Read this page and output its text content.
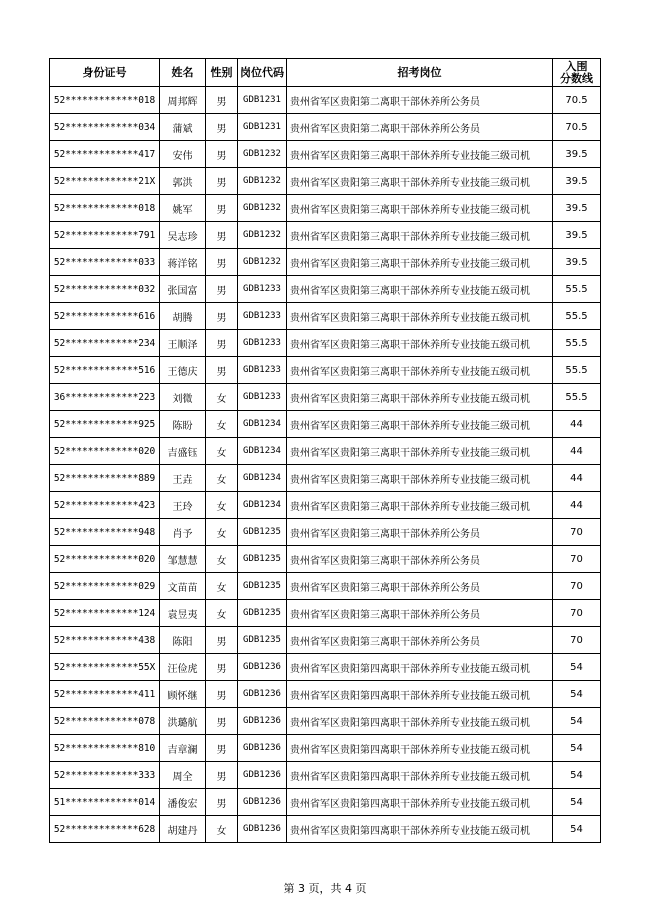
身份证号	姓名	性别	岗位代码	招考岗位	入围
分数线

52*************018	周邦辉	男	GDB1231	贵州省军区贵阳第二离职干部休养所公务员	70.5
52*************034	蒲斌	男	GDB1231	贵州省军区贵阳第二离职干部休养所公务员	70.5
52*************417	安伟	男	GDB1232	贵州省军区贵阳第三离职干部休养所专业技能三级司机	39.5
52*************21X	郭洪	男	GDB1232	贵州省军区贵阳第三离职干部休养所专业技能三级司机	39.5
52*************018	姚军	男	GDB1232	贵州省军区贵阳第三离职干部休养所专业技能三级司机	39.5
52*************791	吴志珍	男	GDB1232	贵州省军区贵阳第三离职干部休养所专业技能三级司机	39.5
52*************033	蒋洋铭	男	GDB1232	贵州省军区贵阳第三离职干部休养所专业技能三级司机	39.5
52*************032	张国富	男	GDB1233	贵州省军区贵阳第三离职干部休养所专业技能五级司机	55.5
52*************616	胡腾	男	GDB1233	贵州省军区贵阳第三离职干部休养所专业技能五级司机	55.5
52*************234	王顺泽	男	GDB1233	贵州省军区贵阳第三离职干部休养所专业技能五级司机	55.5
52*************516	王德庆	男	GDB1233	贵州省军区贵阳第三离职干部休养所专业技能五级司机	55.5
36*************223	刘微	女	GDB1233	贵州省军区贵阳第三离职干部休养所专业技能五级司机	55.5
52*************925	陈盼	女	GDB1234	贵州省军区贵阳第三离职干部休养所专业技能三级司机	44
52*************020	吉盛钰	女	GDB1234	贵州省军区贵阳第三离职干部休养所专业技能三级司机	44
52*************889	王垚	女	GDB1234	贵州省军区贵阳第三离职干部休养所专业技能三级司机	44
52*************423	王玲	女	GDB1234	贵州省军区贵阳第三离职干部休养所专业技能三级司机	44
52*************948	肖予	女	GDB1235	贵州省军区贵阳第三离职干部休养所公务员	70
52*************020	邹慧慧	女	GDB1235	贵州省军区贵阳第三离职干部休养所公务员	70
52*************029	文苗苗	女	GDB1235	贵州省军区贵阳第三离职干部休养所公务员	70
52*************124	袁昱夷	女	GDB1235	贵州省军区贵阳第三离职干部休养所公务员	70
52*************438	陈阳	男	GDB1235	贵州省军区贵阳第三离职干部休养所公务员	70
52*************55X	汪俭虎	男	GDB1236	贵州省军区贵阳第四离职干部休养所专业技能五级司机	54
52*************411	顾怀继	男	GDB1236	贵州省军区贵阳第四离职干部休养所专业技能五级司机	54
52*************078	洪璐航	男	GDB1236	贵州省军区贵阳第四离职干部休养所专业技能五级司机	54
52*************810	吉章澜	男	GDB1236	贵州省军区贵阳第四离职干部休养所专业技能五级司机	54
52*************333	周全	男	GDB1236	贵州省军区贵阳第四离职干部休养所专业技能五级司机	54
51*************014	潘俊宏	男	GDB1236	贵州省军区贵阳第四离职干部休养所专业技能五级司机	54
52*************628	胡建丹	女	GDB1236	贵州省军区贵阳第四离职干部休养所专业技能五级司机	54
第 3 页，共 4 页
